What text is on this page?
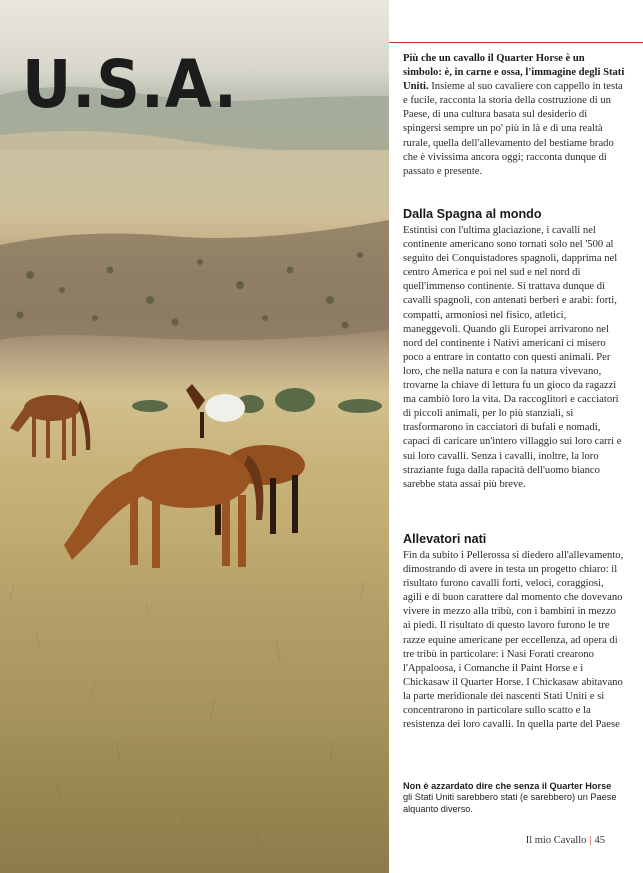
U.S.A.	Più che un cavallo il Quarter Horse è un simbolo: è, in carne e ossa, l'immagine degli Stati Uniti. Insieme al suo cavaliere con cappello in testa e fucile, racconta la storia della costruzione di un Paese, di una cultura basata sul desiderio di spingersi sempre un po' più in là e di una realtà rurale, quella dell'allevamento del bestiame brado che è vivissima ancora oggi; racconta dunque di passato e presente.

Dalla Spagna al mondo

Estintisi con l'ultima glaciazione, i cavalli nel continente americano sono tornati solo nel '500 al seguito dei Conquistadores spagnoli, dapprima nel centro America e poi nel sud e nel nord di quell'immenso continente. Si trattava dunque di cavalli spagnoli, con antenati berberi e arabi: forti, compatti, armoniosi nel fisico, atletici, maneggevoli. Quando gli Europei arrivarono nel nord del continente i Nativi americani ci misero poco a entrare in contatto con questi animali. Per loro, che nella natura e con la natura vivevano, trovarne la chiave di lettura fu un gioco da ragazzi ma cambiò loro la vita. Da raccoglitori e cacciatori di piccoli animali, per lo più stanziali, si trasformarono in cacciatori di bufali e nomadi, capaci di caricare un'intero villaggio sui loro carri e sui loro cavalli. Senza i cavalli, inoltre, la loro straziante fuga dalla rapacità dell'uomo bianco sarebbe stata assai più breve.

Allevatori nati

Fin da subito i Pellerossa si diedero all'allevamento, dimostrando di avere in testa un progetto chiaro: il risultato furono cavalli forti, veloci, coraggiosi, agili e di buon carattere dal momento che dovevano vivere in mezzo alla tribù, con i bambini in mezzo ai piedi. Il risultato di questo lavoro furono le tre razze equine americane per eccellenza, ad opera di tre tribù in particolare: i Nasi Forati crearono l'Appaloosa, i Comanche il Paint Horse e i Chickasaw il Quarter Horse. I Chickasaw abitavano la parte meridionale dei nascenti Stati Uniti e si concentrarono in particolare sullo scatto e la resistenza dei loro cavalli. In quella parte del Paese

Non è azzardato dire che senza il Quarter Horse gli Stati Uniti sarebbero stati (e sarebbero) un Paese alquanto diverso.
Il mio Cavallo | 45
